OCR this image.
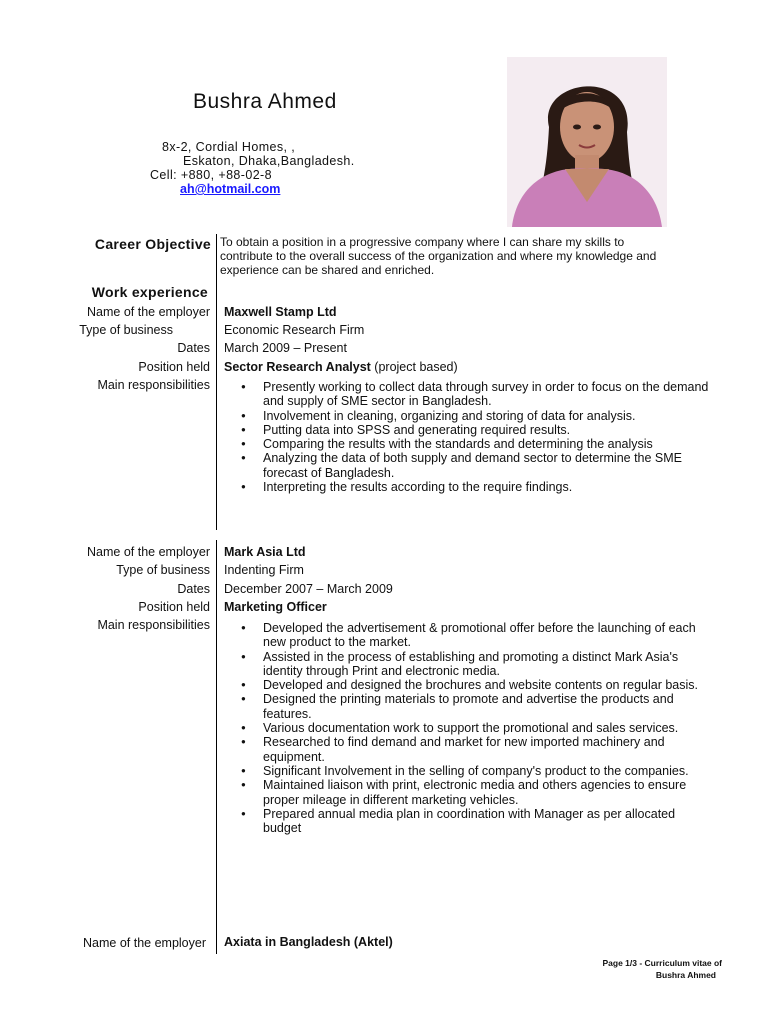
Bushra Ahmed
8x-2, Cordial Homes, ,
Eskaton, Dhaka,Bangladesh.
Cell: +880, +88-02-8
ah@hotmail.com
Career Objective To obtain a position in a progressive company where I can share my skills to contribute to the overall success of the organization and where my knowledge and experience can be shared and enriched.
Work experience
Name of the employer Maxwell Stamp Ltd
Type of business	Economic Research Firm
Dates March 2009 – Present
Position held Sector Research Analyst (project based)
Main responsibilities	● Presently working to collect data through survey in order to focus on the demand and supply of SME sector in Bangladesh.
● Involvement in cleaning, organizing and storing of data for analysis.
● Putting data into SPSS and generating required results.
● Comparing the results with the standards and determining the analysis
● Analyzing the data of both supply and demand sector to determine the SME forecast of Bangladesh.
● Interpreting the results according to the require findings.
Name of the employer Mark Asia Ltd
Type of business Indenting Firm
Dates December 2007 – March 2009
Position held Marketing Officer
Main responsibilities	● Developed the advertisement & promotional offer before the launching of each new product to the market.
● Assisted in the process of establishing and promoting a distinct Mark Asia's identity through Print and electronic media.
● Developed and designed the brochures and website contents on regular basis.
● Designed the printing materials to promote and advertise the products and features.
● Various documentation work to support the promotional and sales services.
● Researched to find demand and market for new imported machinery and equipment.
● Significant Involvement in the selling of company's product to the companies.
● Maintained liaison with print, electronic media and others agencies to ensure proper mileage in different marketing vehicles.
● Prepared annual media plan in coordination with Manager as per allocated budget
Name of the employer Axiata in Bangladesh (Aktel)
Page 1/3 - Curriculum vitae of
Bushra Ahmed
